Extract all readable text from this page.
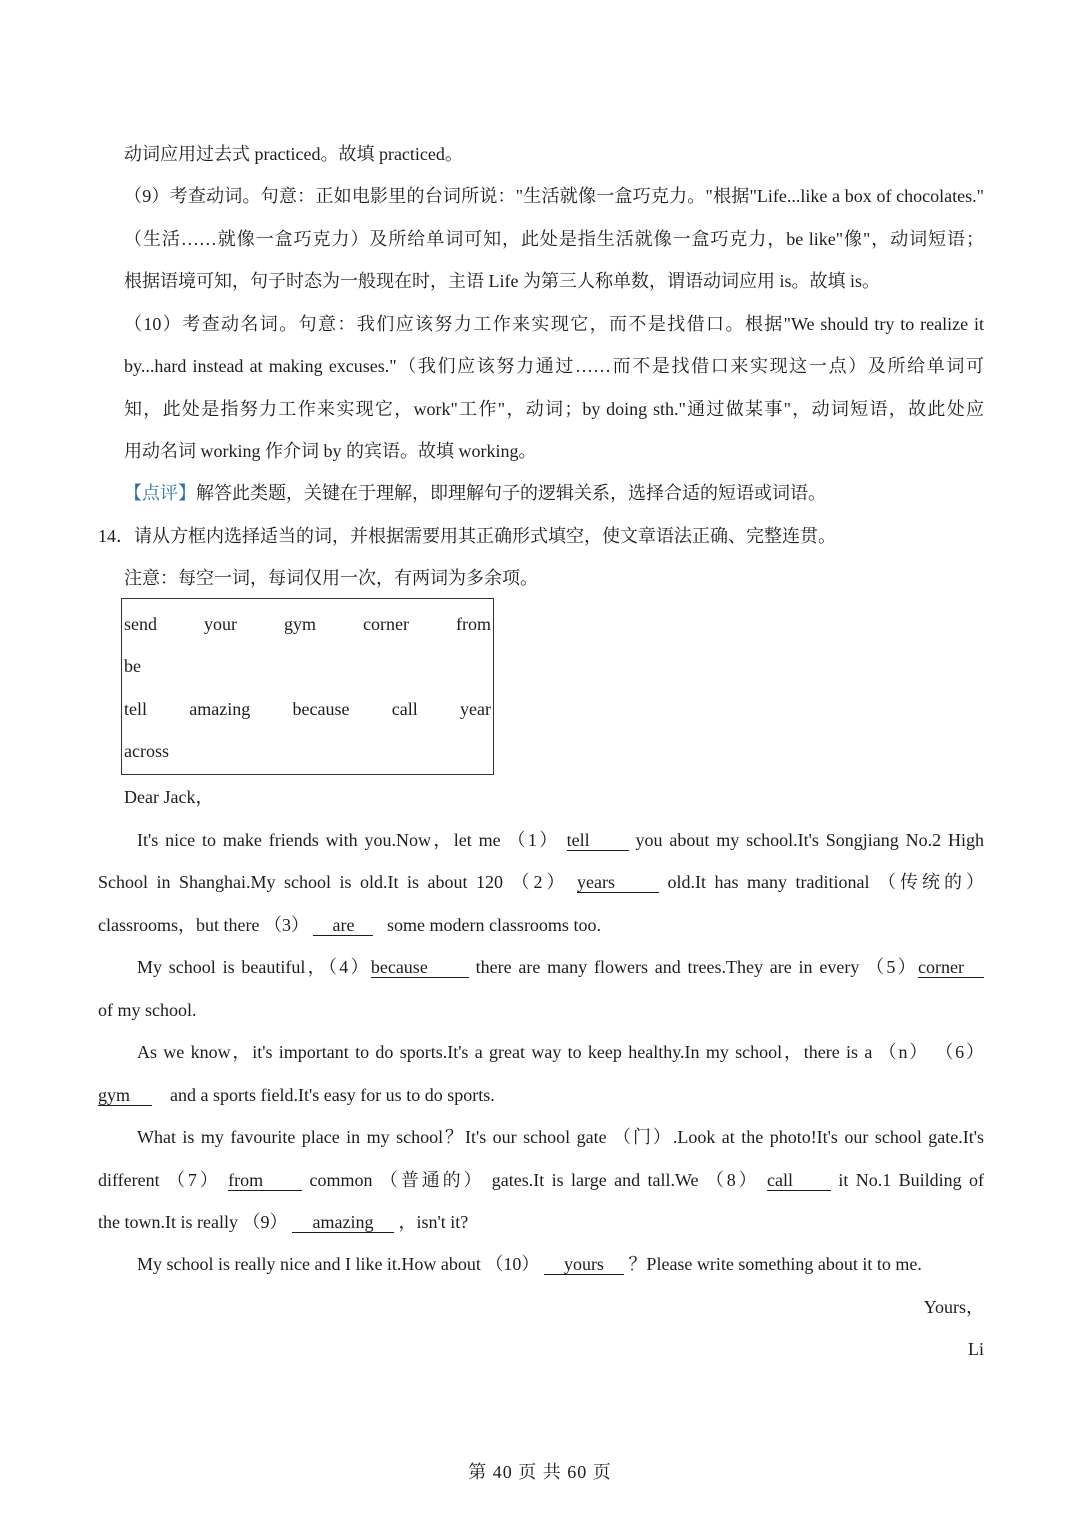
动词应用过去式 practiced。故填 practiced。
（9）考查动词。句意：正如电影里的台词所说："生活就像一盒巧克力。"根据"Life...like a box of chocolates."
（生活……就像一盒巧克力）及所给单词可知，此处是指生活就像一盒巧克力，be like"像"，动词短语；
根据语境可知，句子时态为一般现在时，主语 Life 为第三人称单数，谓语动词应用 is。故填 is。
（10）考查动名词。句意：我们应该努力工作来实现它，而不是找借口。根据"We should try to realize it
by...hard instead at making excuses."（我们应该努力通过……而不是找借口来实现这一点）及所给单词可
知，此处是指努力工作来实现它，work"工作"，动词；by doing sth."通过做某事"，动词短语，故此处应
用动名词 working 作介词 by 的宾语。故填 working。
【点评】解答此类题，关键在于理解，即理解句子的逻辑关系，选择合适的短语或词语。
14．请从方框内选择适当的词，并根据需要用其正确形式填空，使文章语法正确、完整连贯。
注意：每空一词，每词仅用一次，有两词为多余项。
send	your	gym	corner	from
be
tell amazing because call year
across
Dear Jack，
It's nice to make friends with you.Now，let me （1） tell	you about my school.It's Songjiang No.2 High
School in Shanghai.My school is old.It is about 120 （2） years	old.It has many traditional （传统的）
classrooms，but there （3） are some modern classrooms too.
My school is beautiful，（4）because	there are many flowers and trees.They are in every （5）corner
of my school.
As we know，it's important to do sports.It's a great way to keep healthy.In my school，there is a （n） （6）
gym and a sports field.It's easy for us to do sports.
What is my favourite place in my school？It's our school gate （门）.Look at the photo!It's our school gate.It's
different （7） from	common （普通的） gates.It is large and tall.We （8） call	it No.1 Building of
the town.It is really （9） amazing ，isn't it?
My school is really nice and I like it.How about （10） yours ？Please write something about it to me.
Yours，
Li
第 40 页 共 60 页
